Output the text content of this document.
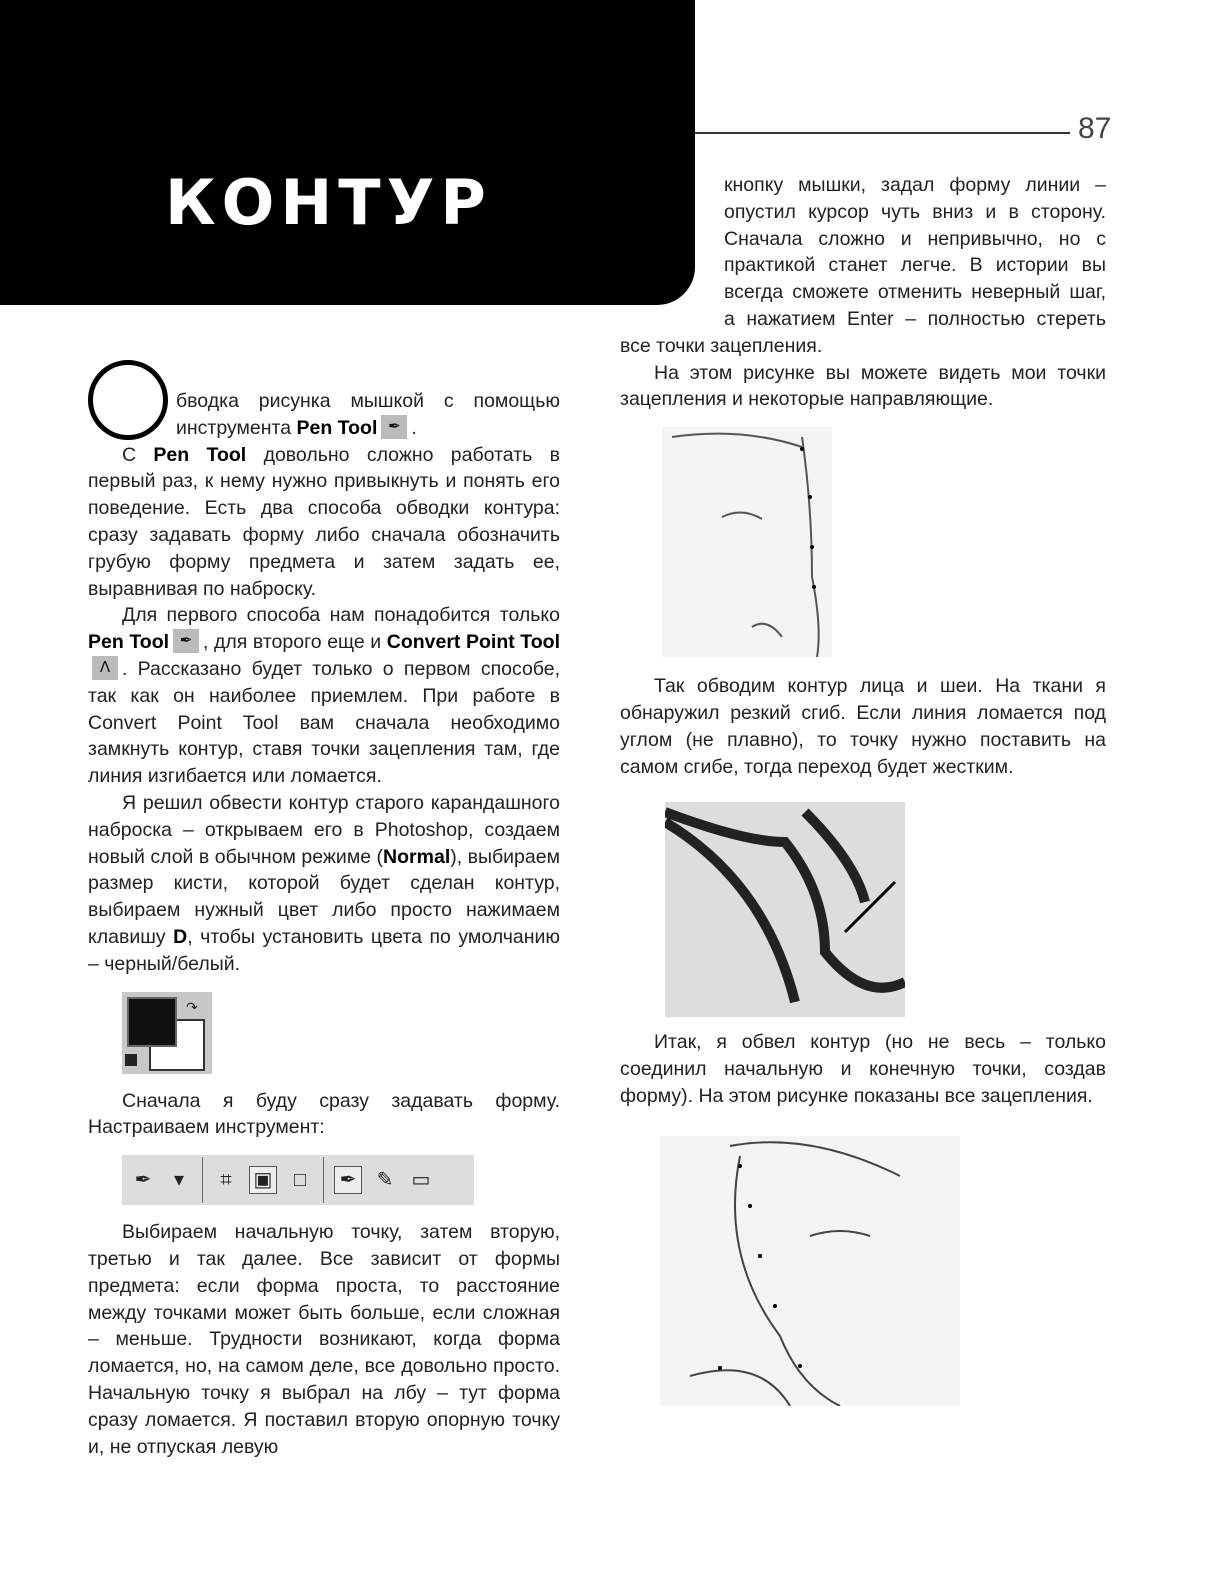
КОНТУР
87

бводка рисунка мышкой с помощью инструмента Pen Tool ✒ .

С Pen Tool довольно сложно работать в первый раз, к нему нужно привыкнуть и понять его поведение. Есть два способа обводки контура: сразу задавать форму либо сначала обозначить грубую форму предмета и затем задать ее, выравнивая по наброску.

Для первого способа нам понадобится только Pen Tool ✒ , для второго еще и Convert Point Toolᐱ . Рассказано будет только о первом способе, так как он наиболее приемлем. При работе в Convert Point Tool вам сначала необходимо замкнуть контур, ставя точки зацепления там, где линия изгибается или ломается.

Я решил обвести контур старого карандашного наброска – открываем его в Photoshop, создаем новый слой в обычном режиме (Normal), выбираем размер кисти, которой будет сделан контур, выбираем нужный цвет либо просто нажимаем клавишу D, чтобы установить цвета по умолчанию – черный/белый.

↷

Сначала я буду сразу задавать форму. Настраиваем инструмент:

✒	▾	⌗	▣	□	✒ ✎ ▭

Выбираем начальную точку, затем вторую, третью и так далее. Все зависит от формы предмета: если форма проста, то расстояние между точками может быть больше, если сложная – меньше. Трудности возникают, когда форма ломается, но, на самом деле, все довольно просто. Начальную точку я выбрал на лбу – тут форма сразу ломается. Я поставил вторую опорную точку и, не отпуская левую

кнопку мышки, задал форму линии – опустил курсор чуть вниз и в сторону. Сначала сложно и непривычно, но с практикой станет легче. В истории вы всегда сможете отменить неверный шаг, а нажатием Enter – полностью стереть все точки зацепления.

На этом рисунке вы можете видеть мои точки зацепления и некоторые направляющие.

Так обводим контур лица и шеи. На ткани я обнаружил резкий сгиб. Если линия ломается под углом (не плавно), то точку нужно поставить на самом сгибе, тогда переход будет жестким.

Итак, я обвел контур (но не весь – только соединил начальную и конечную точки, создав форму). На этом рисунке показаны все зацепления.
